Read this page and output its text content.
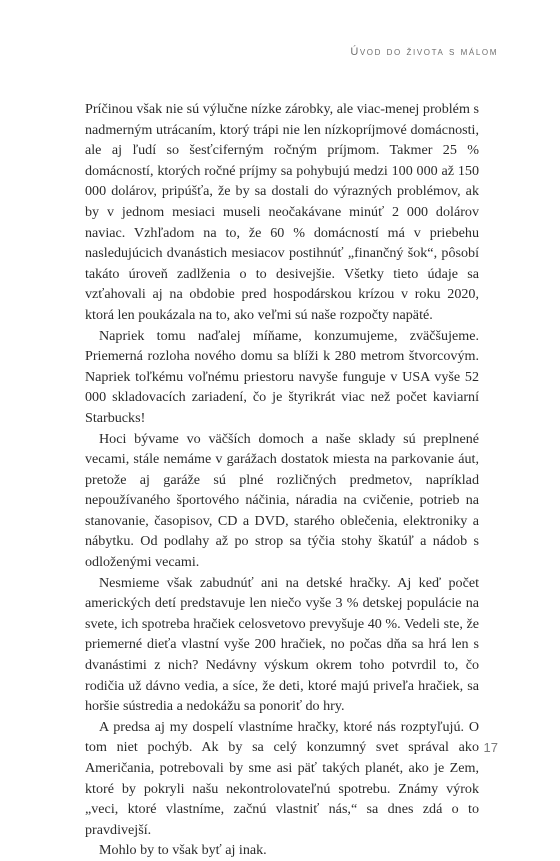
Úvod do života s málom

Príčinou však nie sú výlučne nízke zárobky, ale viac-menej problém s nadmerným utrácaním, ktorý trápi nie len nízkopríjmové domácnosti, ale aj ľudí so šesťciferným ročným príjmom. Takmer 25 % domácností, ktorých ročné príjmy sa pohybujú medzi 100 000 až 150 000 dolárov, pripúšťa, že by sa dostali do výrazných problémov, ak by v jednom mesiaci museli neočakávane minúť 2 000 dolárov naviac. Vzhľadom na to, že 60 % domácností má v priebehu nasledujúcich dvanástich mesiacov postihnúť „finančný šok“, pôsobí takáto úroveň zadlženia o to desivejšie. Všetky tieto údaje sa vzťahovali aj na obdobie pred hospodárskou krízou v roku 2020, ktorá len poukázala na to, ako veľmi sú naše rozpočty napäté.

Napriek tomu naďalej míňame, konzumujeme, zväčšujeme. Priemerná rozloha nového domu sa blíži k 280 metrom štvorcovým. Napriek toľkému voľnému priestoru navyše funguje v USA vyše 52 000 skladovacích zariadení, čo je štyrikrát viac než počet kaviarní Starbucks!

Hoci bývame vo väčších domoch a naše sklady sú preplnené vecami, stále nemáme v garážach dostatok miesta na parkovanie áut, pretože aj garáže sú plné rozličných predmetov, napríklad nepoužívaného športového náčinia, náradia na cvičenie, potrieb na stanovanie, časopisov, CD a DVD, starého oblečenia, elektroniky a nábytku. Od podlahy až po strop sa týčia stohy škatúľ a nádob s odloženými vecami.

Nesmieme však zabudnúť ani na detské hračky. Aj keď počet amerických detí predstavuje len niečo vyše 3 % detskej populácie na svete, ich spotreba hračiek celosvetovo prevyšuje 40 %. Vedeli ste, že priemerné dieťa vlastní vyše 200 hračiek, no počas dňa sa hrá len s dvanástimi z nich? Nedávny výskum okrem toho potvrdil to, čo rodičia už dávno vedia, a síce, že deti, ktoré majú priveľa hračiek, sa horšie sústredia a nedokážu sa ponoriť do hry.

A predsa aj my dospelí vlastníme hračky, ktoré nás rozptyľujú. O tom niet pochýb. Ak by sa celý konzumný svet správal ako Američania, potrebovali by sme asi päť takých planét, ako je Zem, ktoré by pokryli našu nekontrolovateľnú spotrebu. Známy výrok „veci, ktoré vlastníme, začnú vlastniť nás,“ sa dnes zdá o to pravdivejší.

Mohlo by to však byť aj inak.

17
